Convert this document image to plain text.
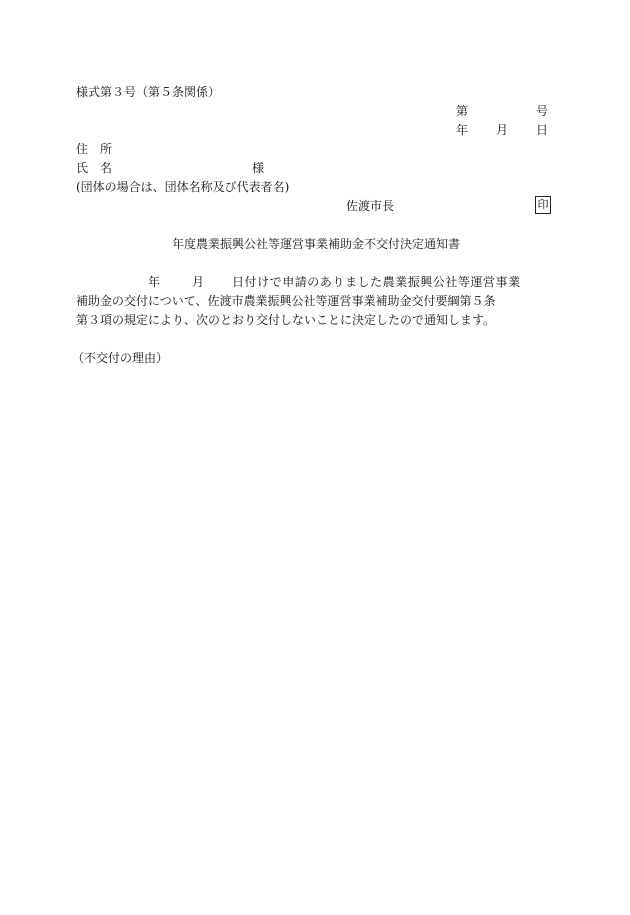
様式第３号（第５条関係）
第	号
年 月 日
住　所
氏　名	様
(団体の場合は、団体名称及び代表者名)
佐渡市長	印
年度農業振興公社等運営事業補助金不交付決定通知書
年	月 日付けで申請のありました農業振興公社等運営事業
補助金の交付について、佐渡市農業振興公社等運営事業補助金交付要綱第５条
第３項の規定により、次のとおり交付しないことに決定したので通知します。
（不交付の理由）
